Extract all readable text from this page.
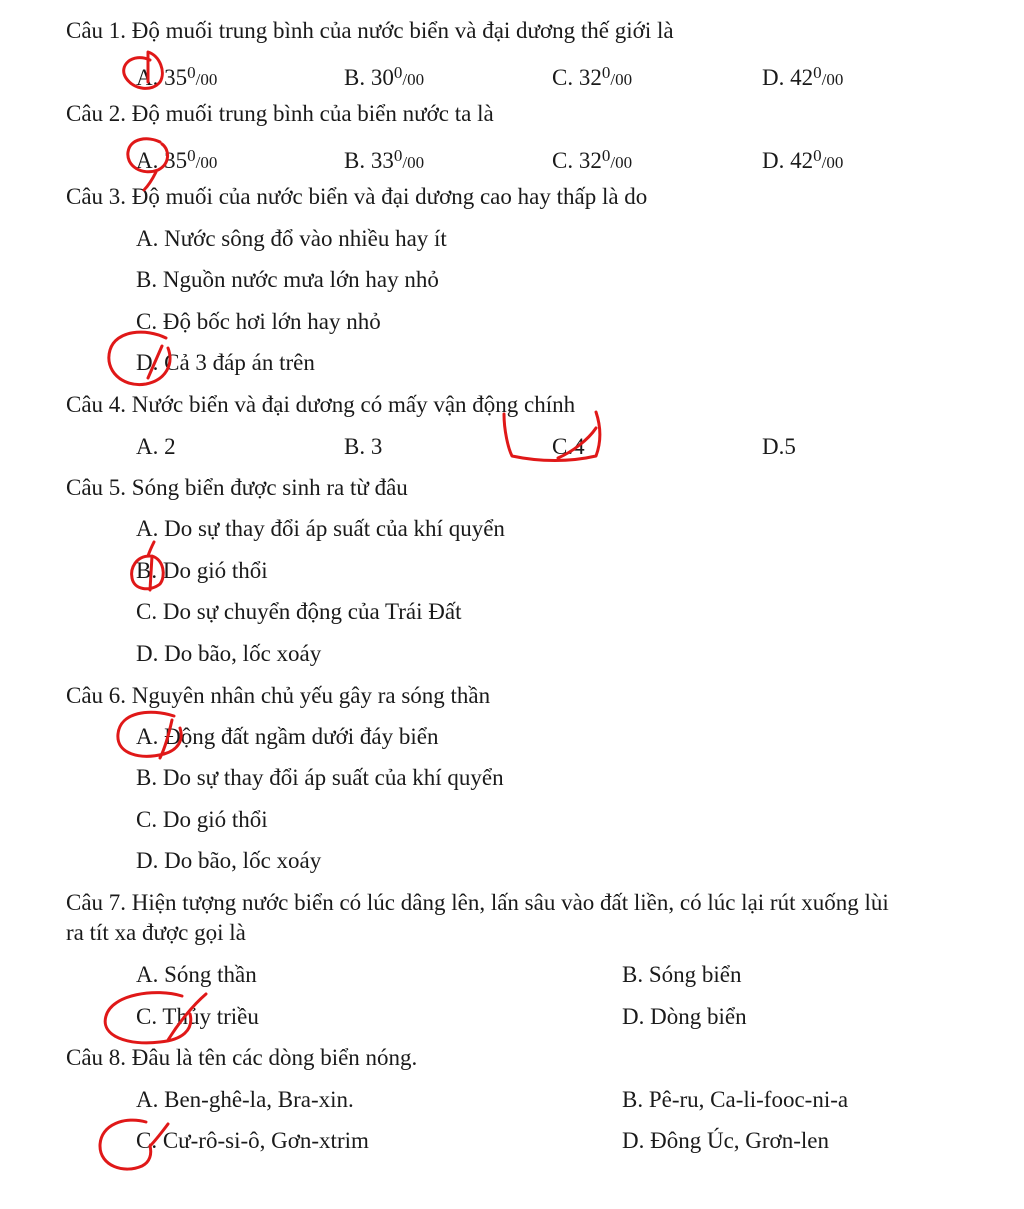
Câu 1. Độ muối trung bình của nước biển và đại dương thế giới là
A. $35^0/00$	B. $30^0/00$	C. $32^0/00$	D. $42^0/00$
Câu 2. Độ muối trung bình của biển nước ta là
A. $35^0/00$	B. $33^0/00$	C. $32^0/00$	D. $42^0/00$
Câu 3. Độ muối của nước biển và đại dương cao hay thấp là do
A. Nước sông đổ vào nhiều hay ít
B. Nguồn nước mưa lớn hay nhỏ
C. Độ bốc hơi lớn hay nhỏ
D. Cả 3 đáp án trên
Câu 4. Nước biển và đại dương có mấy vận động chính
A. 2	B. 3	C.4	D.5
Câu 5. Sóng biển được sinh ra từ đâu
A. Do sự thay đổi áp suất của khí quyển
B. Do gió thổi
C. Do sự chuyển động của Trái Đất
D. Do bão, lốc xoáy
Câu 6. Nguyên nhân chủ yếu gây ra sóng thần
A. Động đất ngầm dưới đáy biển
B. Do sự thay đổi áp suất của khí quyển
C. Do gió thổi
D. Do bão, lốc xoáy
Câu 7. Hiện tượng nước biển có lúc dâng lên, lấn sâu vào đất liền, có lúc lại rút xuống lùi ra tít xa được gọi là
A. Sóng thần	B. Sóng biển
C. Thủy triều	D. Dòng biển
Câu 8. Đâu là tên các dòng biển nóng.
A. Ben-ghê-la, Bra-xin.	B. Pê-ru, Ca-li-fooc-ni-a
C. Cư-rô-si-ô, Gơn-xtrim	D. Đông Úc, Grơn-len
